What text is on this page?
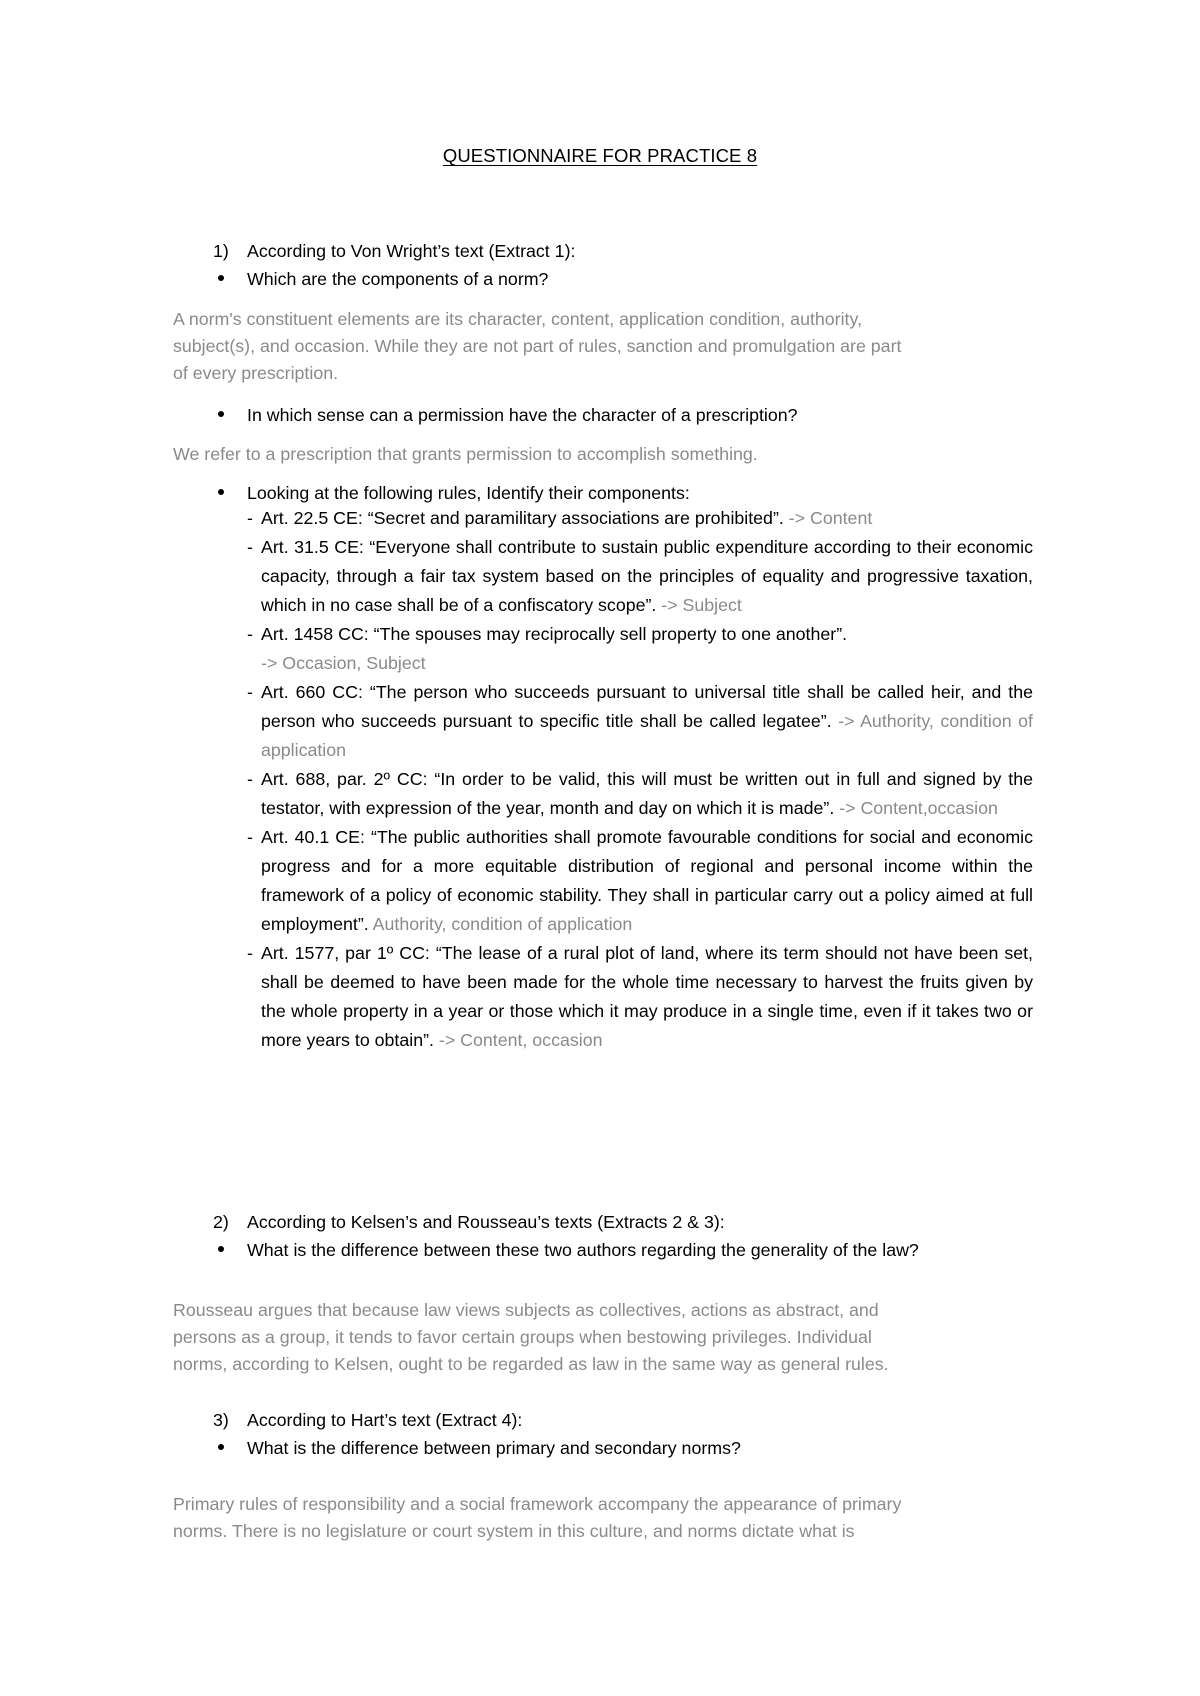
QUESTIONNAIRE FOR PRACTICE 8
1) According to Von Wright’s text (Extract 1):
Which are the components of a norm?
A norm's constituent elements are its character, content, application condition, authority,
subject(s), and occasion. While they are not part of rules, sanction and promulgation are part
of every prescription.
In which sense can a permission have the character of a prescription?
We refer to a prescription that grants permission to accomplish something.
Looking at the following rules, Identify their components:

- Art. 22.5 CE: “Secret and paramilitary associations are prohibited”. -> Content

- Art. 31.5 CE: “Everyone shall contribute to sustain public expenditure according to their economic capacity, through a fair tax system based on the principles of equality and progressive taxation, which in no case shall be of a confiscatory scope”. -> Subject

- Art. 1458 CC: “The spouses may reciprocally sell property to one another”.
-> Occasion, Subject

- Art. 660 CC: “The person who succeeds pursuant to universal title shall be called heir, and the person who succeeds pursuant to specific title shall be called legatee”. -> Authority, condition of application

- Art. 688, par. 2º CC: “In order to be valid, this will must be written out in full and signed by the testator, with expression of the year, month and day on which it is made”. -> Content,occasion

- Art. 40.1 CE: “The public authorities shall promote favourable conditions for social and economic progress and for a more equitable distribution of regional and personal income within the framework of a policy of economic stability. They shall in particular carry out a policy aimed at full employment”. Authority, condition of application

- Art. 1577, par 1º CC: “The lease of a rural plot of land, where its term should not have been set, shall be deemed to have been made for the whole time necessary to harvest the fruits given by the whole property in a year or those which it may produce in a single time, even if it takes two or more years to obtain”. -> Content, occasion

2) According to Kelsen’s and Rousseau’s texts (Extracts 2 & 3):
What is the difference between these two authors regarding the generality of the law?
Rousseau argues that because law views subjects as collectives, actions as abstract, and
persons as a group, it tends to favor certain groups when bestowing privileges. Individual
norms, according to Kelsen, ought to be regarded as law in the same way as general rules.
3) According to Hart’s text (Extract 4):
What is the difference between primary and secondary norms?
Primary rules of responsibility and a social framework accompany the appearance of primary
norms. There is no legislature or court system in this culture, and norms dictate what is
